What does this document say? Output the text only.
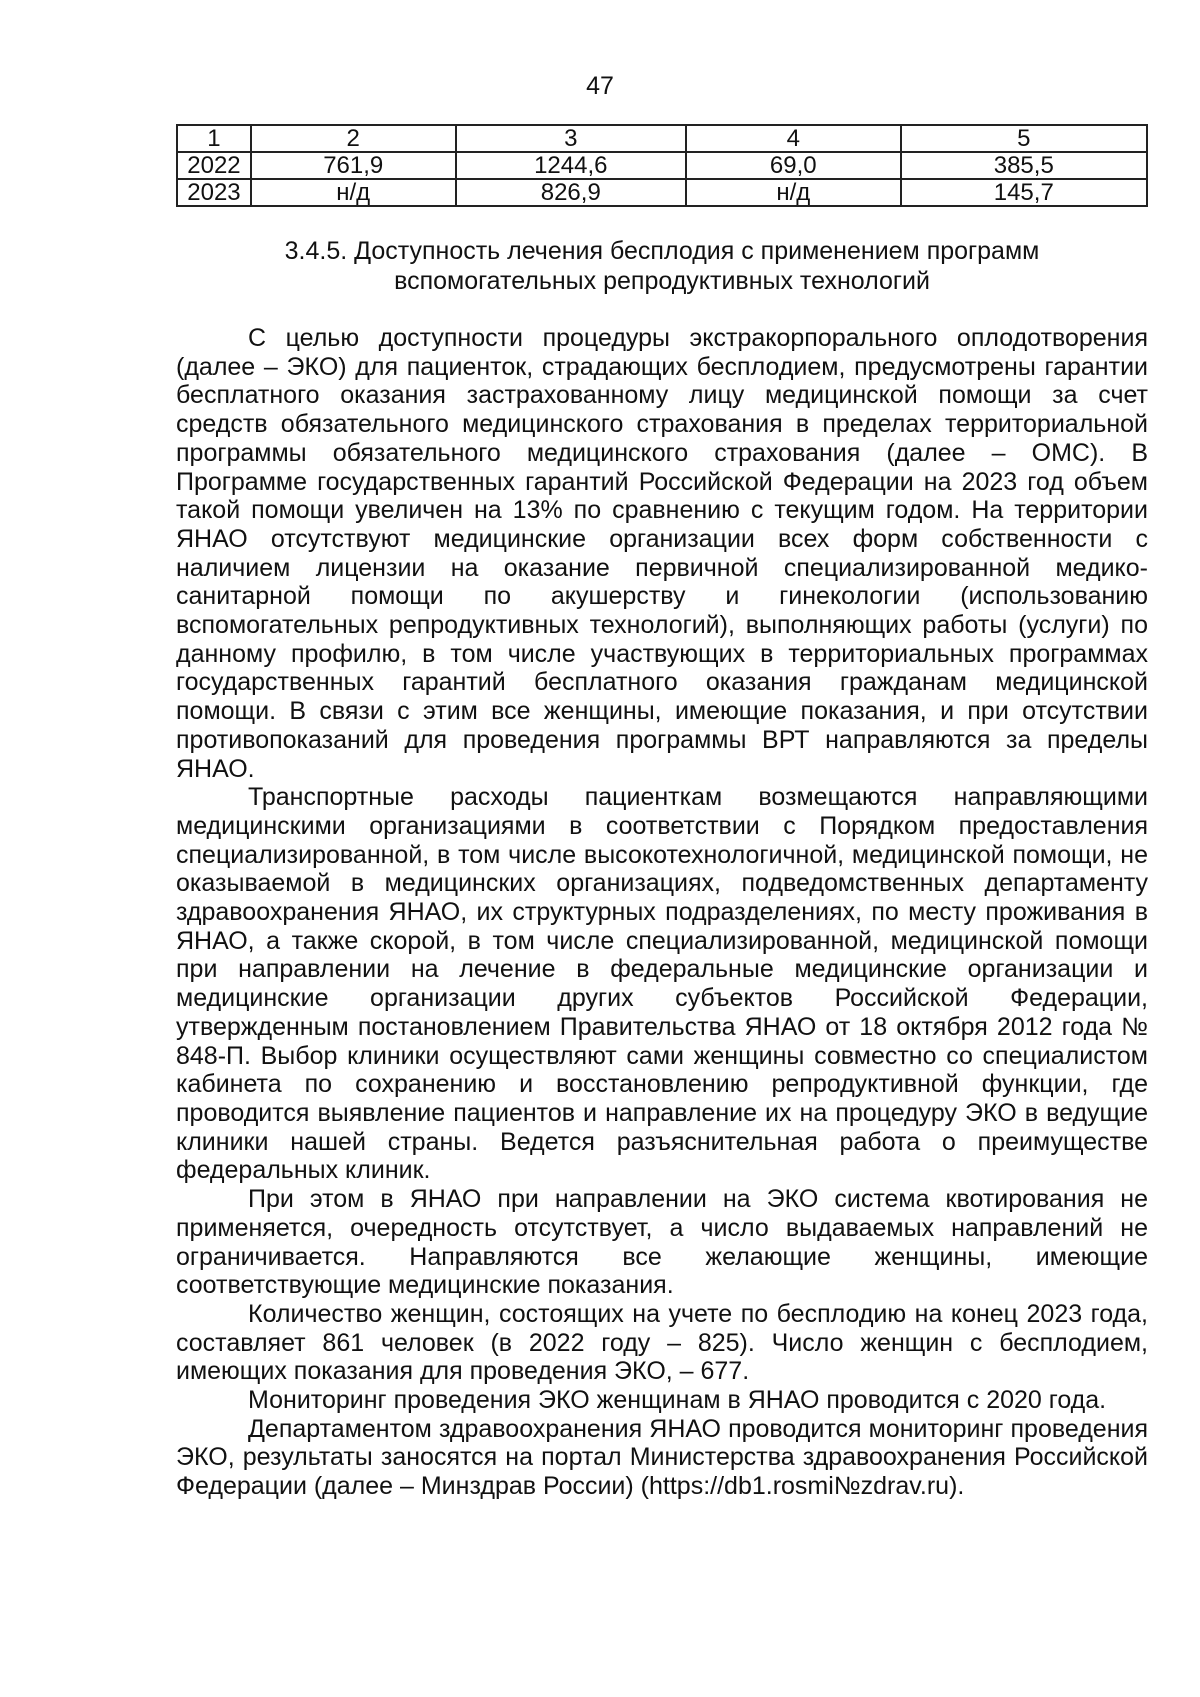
47
1	2	3	4	5
2022	761,9	1244,6	69,0	385,5
2023	н/д	826,9	н/д	145,7
3.4.5. Доступность лечения бесплодия с применением программ
вспомогательных репродуктивных технологий

С целью доступности процедуры экстракорпорального оплодотворения (далее – ЭКО) для пациенток, страдающих бесплодием, предусмотрены гарантии бесплатного оказания застрахованному лицу медицинской помощи за счет средств обязательного медицинского страхования в пределах территориальной программы обязательного медицинского страхования (далее – ОМС). В Программе государственных гарантий Российской Федерации на 2023 год объем такой помощи увеличен на 13% по сравнению с текущим годом. На территории ЯНАО отсутствуют медицинские организации всех форм собственности с наличием лицензии на оказание первичной специализированной медико-санитарной помощи по акушерству и гинекологии (использованию вспомогательных репродуктивных технологий), выполняющих работы (услуги) по данному профилю, в том числе участвующих в территориальных программах государственных гарантий бесплатного оказания гражданам медицинской помощи. В связи с этим все женщины, имеющие показания, и при отсутствии противопоказаний для проведения программы ВРТ направляются за пределы ЯНАО.

Транспортные расходы пациенткам возмещаются направляющими медицинскими организациями в соответствии с Порядком предоставления специализированной, в том числе высокотехнологичной, медицинской помощи, не оказываемой в медицинских организациях, подведомственных департаменту здравоохранения ЯНАО, их структурных подразделениях, по месту проживания в ЯНАО, а также скорой, в том числе специализированной, медицинской помощи при направлении на лечение в федеральные медицинские организации и медицинские организации других субъектов Российской Федерации, утвержденным постановлением Правительства ЯНАО от 18 октября 2012 года № 848-П. Выбор клиники осуществляют сами женщины совместно со специалистом кабинета по сохранению и восстановлению репродуктивной функции, где проводится выявление пациентов и направление их на процедуру ЭКО в ведущие клиники нашей страны. Ведется разъяснительная работа о преимуществе федеральных клиник.

При этом в ЯНАО при направлении на ЭКО система квотирования не применяется, очередность отсутствует, а число выдаваемых направлений не ограничивается. Направляются все желающие женщины, имеющие соответствующие медицинские показания.

Количество женщин, состоящих на учете по бесплодию на конец 2023 года, составляет 861 человек (в 2022 году – 825). Число женщин с бесплодием, имеющих показания для проведения ЭКО, – 677.

Мониторинг проведения ЭКО женщинам в ЯНАО проводится с 2020 года.

Департаментом здравоохранения ЯНАО проводится мониторинг проведения ЭКО, результаты заносятся на портал Министерства здравоохранения Российской Федерации (далее – Минздрав России) (https://db1.rosmi№zdrav.ru).
